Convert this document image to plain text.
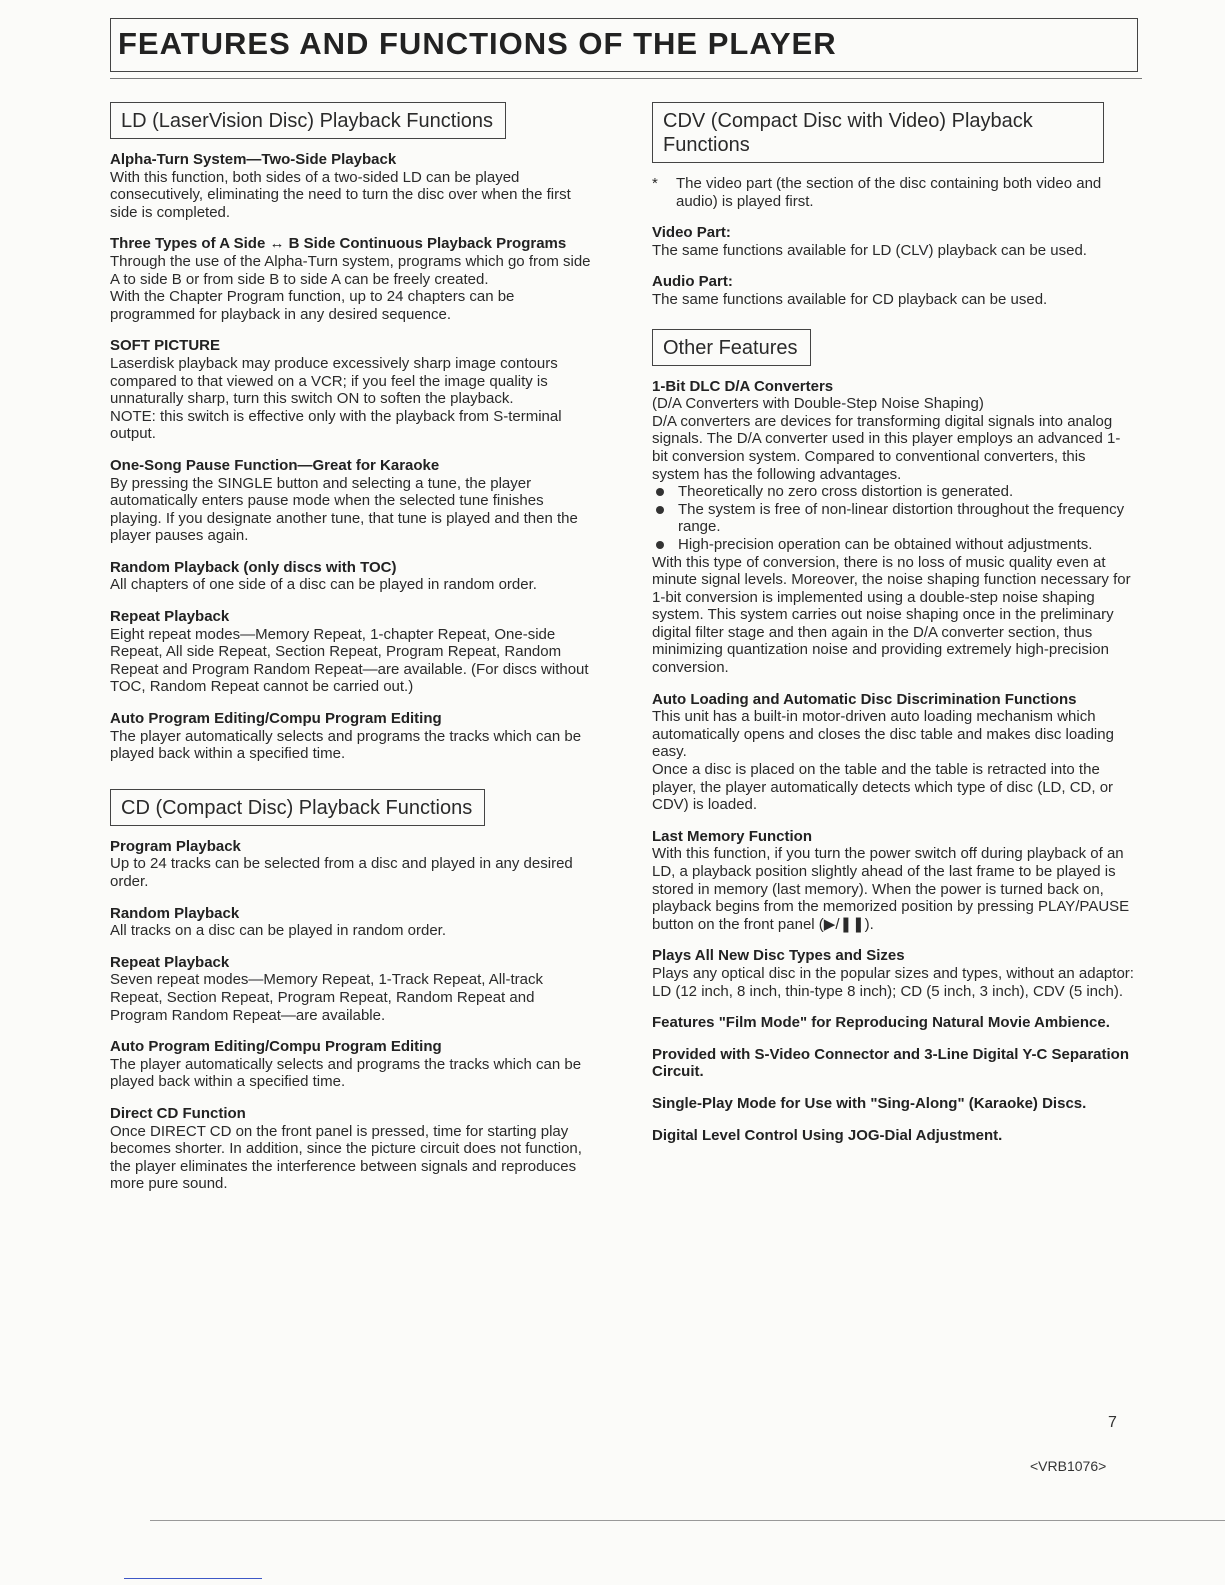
FEATURES AND FUNCTIONS OF THE PLAYER
LD (LaserVision Disc) Playback Functions
Alpha-Turn System—Two-Side Playback

With this function, both sides of a two-sided LD can be played consecutively, eliminating the need to turn the disc over when the first side is completed.

Three Types of A Side ↔ B Side Continuous Playback Programs

Through the use of the Alpha-Turn system, programs which go from side A to side B or from side B to side A can be freely created.

With the Chapter Program function, up to 24 chapters can be programmed for playback in any desired sequence.

SOFT PICTURE

Laserdisk playback may produce excessively sharp image contours compared to that viewed on a VCR; if you feel the image quality is unnaturally sharp, turn this switch ON to soften the playback.

NOTE: this switch is effective only with the playback from S-terminal output.

One-Song Pause Function—Great for Karaoke

By pressing the SINGLE button and selecting a tune, the player automatically enters pause mode when the selected tune finishes playing. If you designate another tune, that tune is played and then the player pauses again.

Random Playback (only discs with TOC)

All chapters of one side of a disc can be played in random order.

Repeat Playback

Eight repeat modes—Memory Repeat, 1-chapter Repeat, One-side Repeat, All side Repeat, Section Repeat, Program Repeat, Random Repeat and Program Random Repeat—are available. (For discs without TOC, Random Repeat cannot be carried out.)

Auto Program Editing/Compu Program Editing

The player automatically selects and programs the tracks which can be played back within a specified time.

CD (Compact Disc) Playback Functions
Program Playback

Up to 24 tracks can be selected from a disc and played in any desired order.

Random Playback

All tracks on a disc can be played in random order.

Repeat Playback

Seven repeat modes—Memory Repeat, 1-Track Repeat, All-track Repeat, Section Repeat, Program Repeat, Random Repeat and Program Random Repeat—are available.

Auto Program Editing/Compu Program Editing

The player automatically selects and programs the tracks which can be played back within a specified time.

Direct CD Function

Once DIRECT CD on the front panel is pressed, time for starting play becomes shorter. In addition, since the picture circuit does not function, the player eliminates the interference between signals and reproduces more pure sound.

CDV (Compact Disc with Video) Playback Functions
*	The video part (the section of the disc containing both video and audio) is played first.
Video Part:

The same functions available for LD (CLV) playback can be used.

Audio Part:

The same functions available for CD playback can be used.

Other Features
1-Bit DLC D/A Converters

(D/A Converters with Double-Step Noise Shaping)

D/A converters are devices for transforming digital signals into analog signals. The D/A converter used in this player employs an advanced 1-bit conversion system. Compared to conventional converters, this system has the following advantages.

Theoretically no zero cross distortion is generated.
The system is free of non-linear distortion throughout the frequency range.
High-precision operation can be obtained without adjustments.

With this type of conversion, there is no loss of music quality even at minute signal levels. Moreover, the noise shaping function necessary for 1-bit conversion is implemented using a double-step noise shaping system. This system carries out noise shaping once in the preliminary digital filter stage and then again in the D/A converter section, thus minimizing quantization noise and providing extremely high-precision conversion.

Auto Loading and Automatic Disc Discrimination Functions

This unit has a built-in motor-driven auto loading mechanism which automatically opens and closes the disc table and makes disc loading easy.

Once a disc is placed on the table and the table is retracted into the player, the player automatically detects which type of disc (LD, CD, or CDV) is loaded.

Last Memory Function

With this function, if you turn the power switch off during playback of an LD, a playback position slightly ahead of the last frame to be played is stored in memory (last memory). When the power is turned back on, playback begins from the memorized position by pressing PLAY/PAUSE button on the front panel (▶/❚❚).

Plays All New Disc Types and Sizes

Plays any optical disc in the popular sizes and types, without an adaptor: LD (12 inch, 8 inch, thin-type 8 inch); CD (5 inch, 3 inch), CDV (5 inch).

Features "Film Mode" for Reproducing Natural Movie Ambience.

Provided with S-Video Connector and 3-Line Digital Y-C Separation Circuit.

Single-Play Mode for Use with "Sing-Along" (Karaoke) Discs.

Digital Level Control Using JOG-Dial Adjustment.

7
<VRB1076>
